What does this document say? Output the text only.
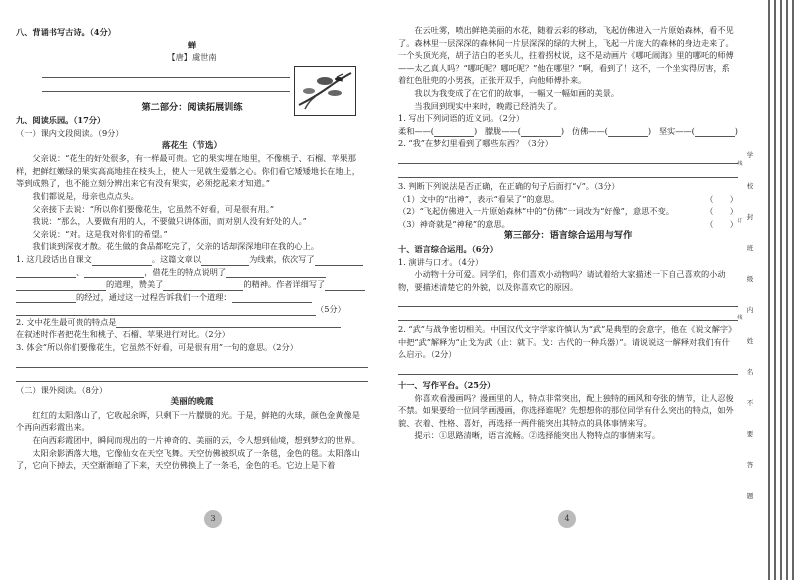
八、背诵书写古诗。（4分）

蝉

【唐】虞世南

第二部分：阅读拓展训练

九、阅读乐园。（17分）

（一）课内文段阅读。（9分）

落花生（节选）

父亲说：“花生的好处很多，有一样最可贵。它的果实埋在地里，不像桃子、石榴、苹果那样，把鲜红嫩绿的果实高高地挂在枝头上，使人一见就生爱慕之心。你们看它矮矮地长在地上，等到成熟了，也不能立刻分辨出来它有没有果实，必须挖起来才知道。”

我们都说是，母亲也点点头。

父亲接下去说：“所以你们要像花生，它虽然不好看，可是很有用。”

我说：“那么，人要做有用的人，不要做只讲体面，而对别人没有好处的人。”

父亲说：“对。这是我对你们的希望。”

我们谈到深夜才散。花生做的食品都吃完了，父亲的话却深深地印在我的心上。

1. 这几段话出自课文	。这篇文章以	为线索，依次写了

、	，借花生的特点说明了

的道理，赞美了	的精神。作者详细写了

的经过，通过这一过程告诉我们一个道理：

（5分）

2. 文中花生最可贵的特点是

在叙述时作者把花生和桃子、石榴、苹果进行对比。（2分）

3. 体会“所以你们要像花生，它虽然不好看，可是很有用”一句的意思。（2分）

（二）课外阅读。（8分）

美丽的晚霞

红红的太阳落山了，它收起余晖，只剩下一片朦胧的光。于是，鲜艳的火球，颜色金黄像是个再向西彩霞出来。

在向西彩霞团中，瞬间而现出的一片神奇的、美丽的云，令人想到仙境，想到梦幻的世界。

太阳余影洒落大地，它像仙女在天空飞舞。天空仿佛被织成了一条毯，金色的毯。太阳落山了，它向下掉去，天空渐渐暗了下来，天空仿佛换上了一条毛，金色的毛。它边上是下着

3

在云吐雾，喷出鲜艳美丽的水花，随着云彩的移动，飞起仿佛进入一片原始森林，看不见了。森林里一层深深的森林间一片层深深的绿的大树上，飞起一片庞大的森林的身边走来了。一个头顶光亮，胡子洁白的老头儿，拄着拐杖说，这不是动画片《哪吒闹海》里的哪吒的师傅——太乙真人吗？“哪吒呢？哪吒呢？”他在哪里？”啊，看到了！这不，一个坐实得厉害，系着红色肚兜的小男孩，正张开双手，向他师傅扑来。

我以为我变成了在它们的故事，一幅又一幅如画的美景。

当我回到现实中来时，晚霞已经消失了。

1. 写出下列词语的近义词。（2分）

柔和——(	) 朦胧——(	) 仿佛——(	) 坚实——(	)

2. “我”在梦幻里看到了哪些东西？（3分）

3. 判断下列说法是否正确，在正确的句子后面打“√”。（3分）

（1）文中的“出神”，表示“看呆了”的意思。	（　　）

（2）“飞起仿佛进入一片原始森林”中的“仿佛”一词改为“好像”，意思不变。	（　　）

（3）神奇就是“神秘”的意思。	（　　）

第三部分：语言综合运用与写作

十、语言综合运用。（6分）

1. 演讲与口才。（4分）

小动物十分可爱。同学们，你们喜欢小动物吗？请试着给大家描述一下自己喜欢的小动物，要描述清楚它的外貌，以及你喜欢它的原因。

2. “武”与战争密切相关。中国汉代文字学家许慎认为“武”是典型的会意字，他在《说文解字》中把“武”解释为“止戈为武（止：就下。戈：古代的一种兵器）”。请说说这一解释对我们有什么启示。（2分）

十一、写作平台。（25分）

你喜欢看漫画吗？漫画里的人，特点非常突出，配上独特的画风和夸张的情节，让人忍俊不禁。如果要给一位同学画漫画，你选择谁呢？先想想你的那位同学有什么突出的特点，如外貌、衣着、性格、喜好，再选择一两件能突出其特点的具体事情来写。

提示：①思路清晰，语言流畅。②选择能突出人物特点的事情来写。

4
学
校
封
班
级
内
姓
名
不
要
答
题
线
订
线
